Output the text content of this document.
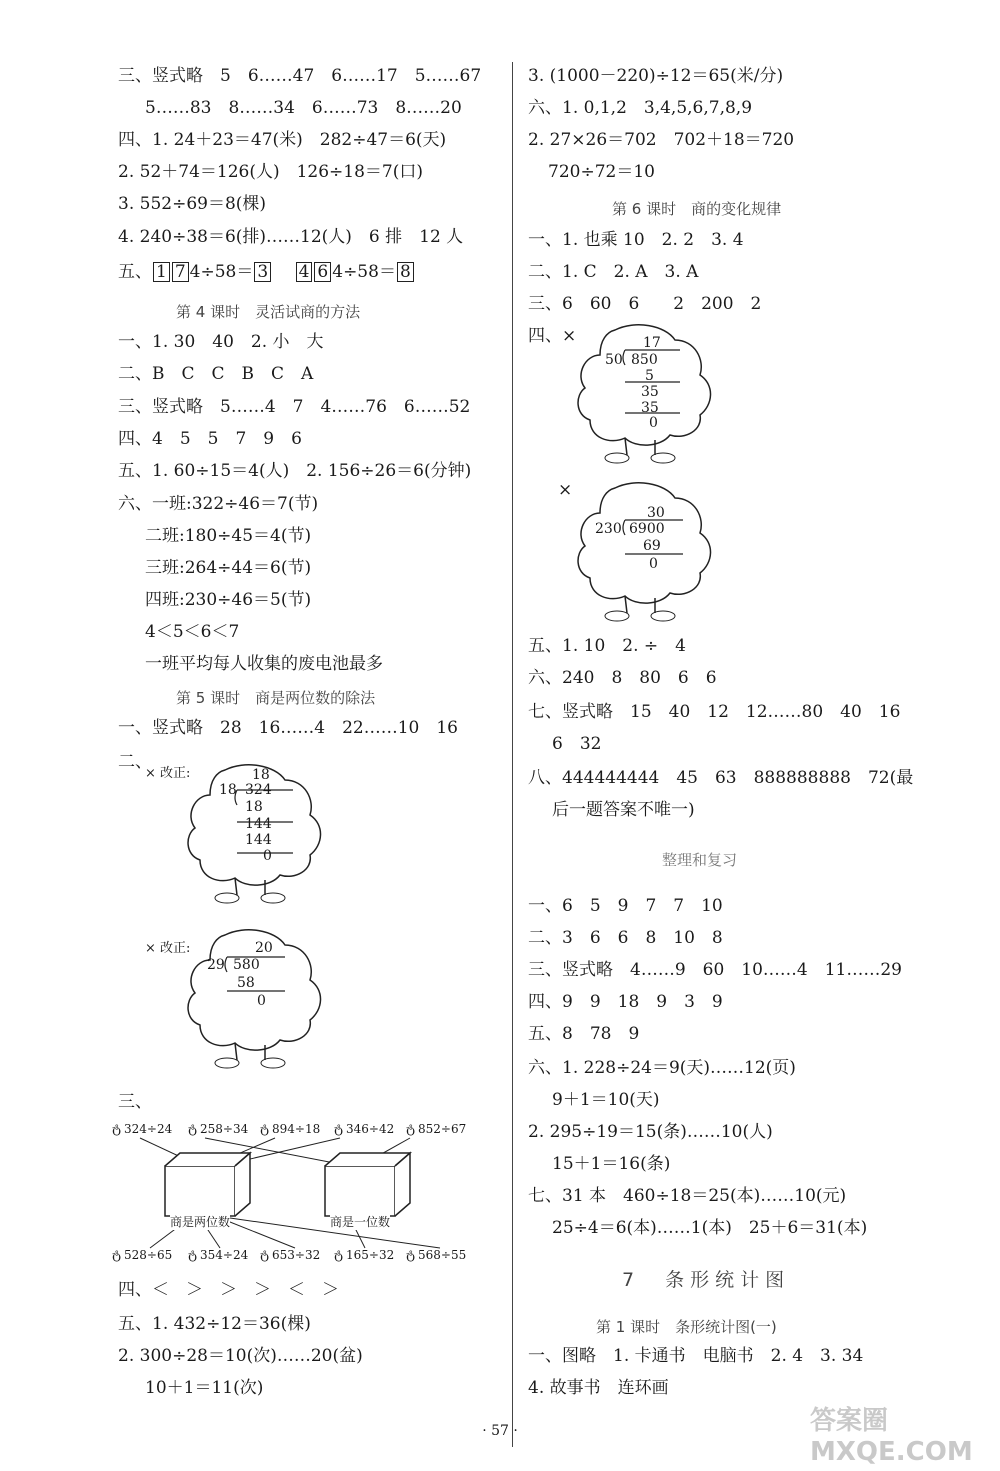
三、竖式略　5　6……47　6……17　5……67
5……83　8……34　6……73　8……20
四、1. 24＋23＝47(米)　282÷47＝6(天)
2. 52＋74＝126(人)　126÷18＝7(口)
3. 552÷69＝8(棵)
4. 240÷38＝6(排)……12(人)　6 排　12 人
五、 1 7 4÷58＝ 3　 4 6 4÷58＝ 8
第 4 课时　灵活试商的方法
一、1. 30　40　2. 小　大
二、B　C　C　B　C　A
三、竖式略　5……4　7　4……76　6……52
四、4　5　5　7　9　6
五、1. 60÷15＝4(人)　2. 156÷26＝6(分钟)
六、一班:322÷46＝7(节)
二班:180÷45＝4(节)
三班:264÷44＝6(节)
四班:230÷46＝5(节)
4＜5＜6＜7
一班平均每人收集的废电池最多
第 5 课时　商是两位数的除法
一、竖式略　28　16……4　22……10　16
二、
× 改正:	18
18 324
18
144
144
0
× 改正:	20
29 580
58
0
三、
ტ 324÷24 ტ 258÷34 ტ 894÷18 ტ 346÷42 ტ 852÷67
商是两位数	商是一位数
ტ 528÷65 ტ 354÷24 ტ 653÷32 ტ 165÷32 ტ 568÷55
四、＜　＞　＞　＞　＜　＞
五、1. 432÷12＝36(棵)
2. 300÷28＝10(次)……20(盆)
10＋1＝11(次)
3. (1000－220)÷12＝65(米/分)
六、1. 0,1,2　3,4,5,6,7,8,9
2. 27×26＝702　702＋18＝720
720÷72＝10
第 6 课时　商的变化规律
一、1. 也乘 10　2. 2　3. 4
二、1. C　2. A　3. A
三、6　60　6　　2　200　2
四、×	17
50 850
5
35
35
0
×
30
230 6900
69
0
五、1. 10　2. ÷　4
六、240　8　80　6　6
七、竖式略　15　40　12　12……80　40　16
6　32
八、444444444　45　63　888888888　72(最
后一题答案不唯一)
整理和复习
一、6　5　9　7　7　10
二、3　6　6　8　10　8
三、竖式略　4……9　60　10……4　11……29
四、9　9　18　9　3　9
五、8　78　9
六、1. 228÷24＝9(天)……12(页)
9＋1＝10(天)
2. 295÷19＝15(条)……10(人)
15＋1＝16(条)
七、31 本　460÷18＝25(本)……10(元)
25÷4＝6(本)……1(本)　25＋6＝31(本)
7　条形统计图
第 1 课时　条形统计图(一)
一、图略　1. 卡通书　电脑书　2. 4　3. 34
4. 故事书　连环画
· 57 ·	答案圈 MXQE.COM
